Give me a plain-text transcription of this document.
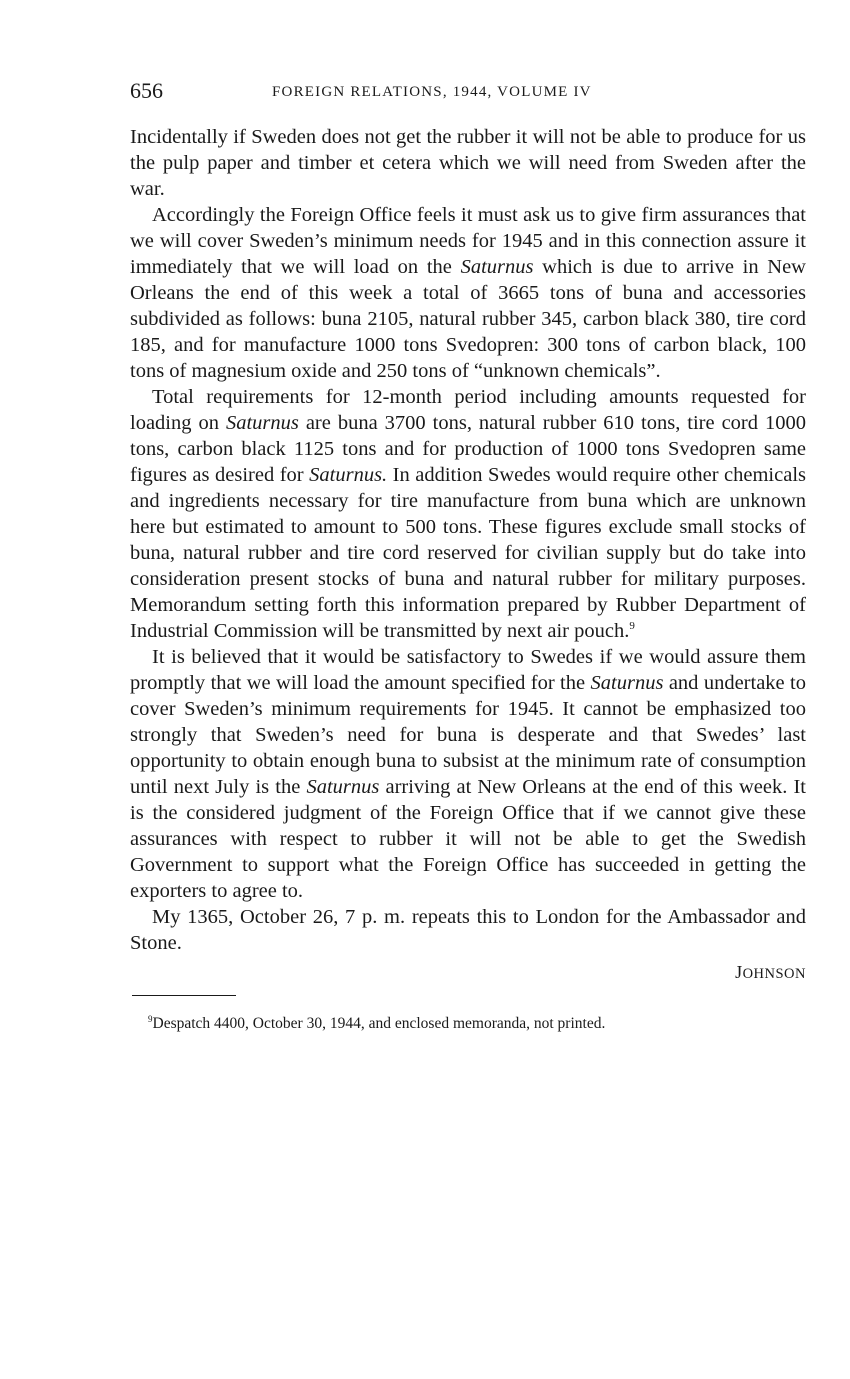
656	FOREIGN RELATIONS, 1944, VOLUME IV

Incidentally if Sweden does not get the rubber it will not be able to produce for us the pulp paper and timber et cetera which we will need from Sweden after the war.

Accordingly the Foreign Office feels it must ask us to give firm assurances that we will cover Sweden’s minimum needs for 1945 and in this connection assure it immediately that we will load on the Saturnus which is due to arrive in New Orleans the end of this week a total of 3665 tons of buna and accessories subdivided as follows: buna 2105, natural rubber 345, carbon black 380, tire cord 185, and for manufacture 1000 tons Svedopren: 300 tons of carbon black, 100 tons of magnesium oxide and 250 tons of “unknown chemicals”.

Total requirements for 12-month period including amounts requested for loading on Saturnus are buna 3700 tons, natural rubber 610 tons, tire cord 1000 tons, carbon black 1125 tons and for production of 1000 tons Svedopren same figures as desired for Saturnus. In addition Swedes would require other chemicals and ingredients necessary for tire manufacture from buna which are unknown here but estimated to amount to 500 tons. These figures exclude small stocks of buna, natural rubber and tire cord reserved for civilian supply but do take into consideration present stocks of buna and natural rubber for military purposes. Memorandum setting forth this information prepared by Rubber Department of Industrial Commission will be transmitted by next air pouch.$^9$

It is believed that it would be satisfactory to Swedes if we would assure them promptly that we will load the amount specified for the Saturnus and undertake to cover Sweden’s minimum requirements for 1945. It cannot be emphasized too strongly that Sweden’s need for buna is desperate and that Swedes’ last opportunity to obtain enough buna to subsist at the minimum rate of consumption until next July is the Saturnus arriving at New Orleans at the end of this week. It is the considered judgment of the Foreign Office that if we cannot give these assurances with respect to rubber it will not be able to get the Swedish Government to support what the Foreign Office has succeeded in getting the exporters to agree to.

My 1365, October 26, 7 p. m. repeats this to London for the Ambassador and Stone.

JOHNSON
$^9$Despatch 4400, October 30, 1944, and enclosed memoranda, not printed.
